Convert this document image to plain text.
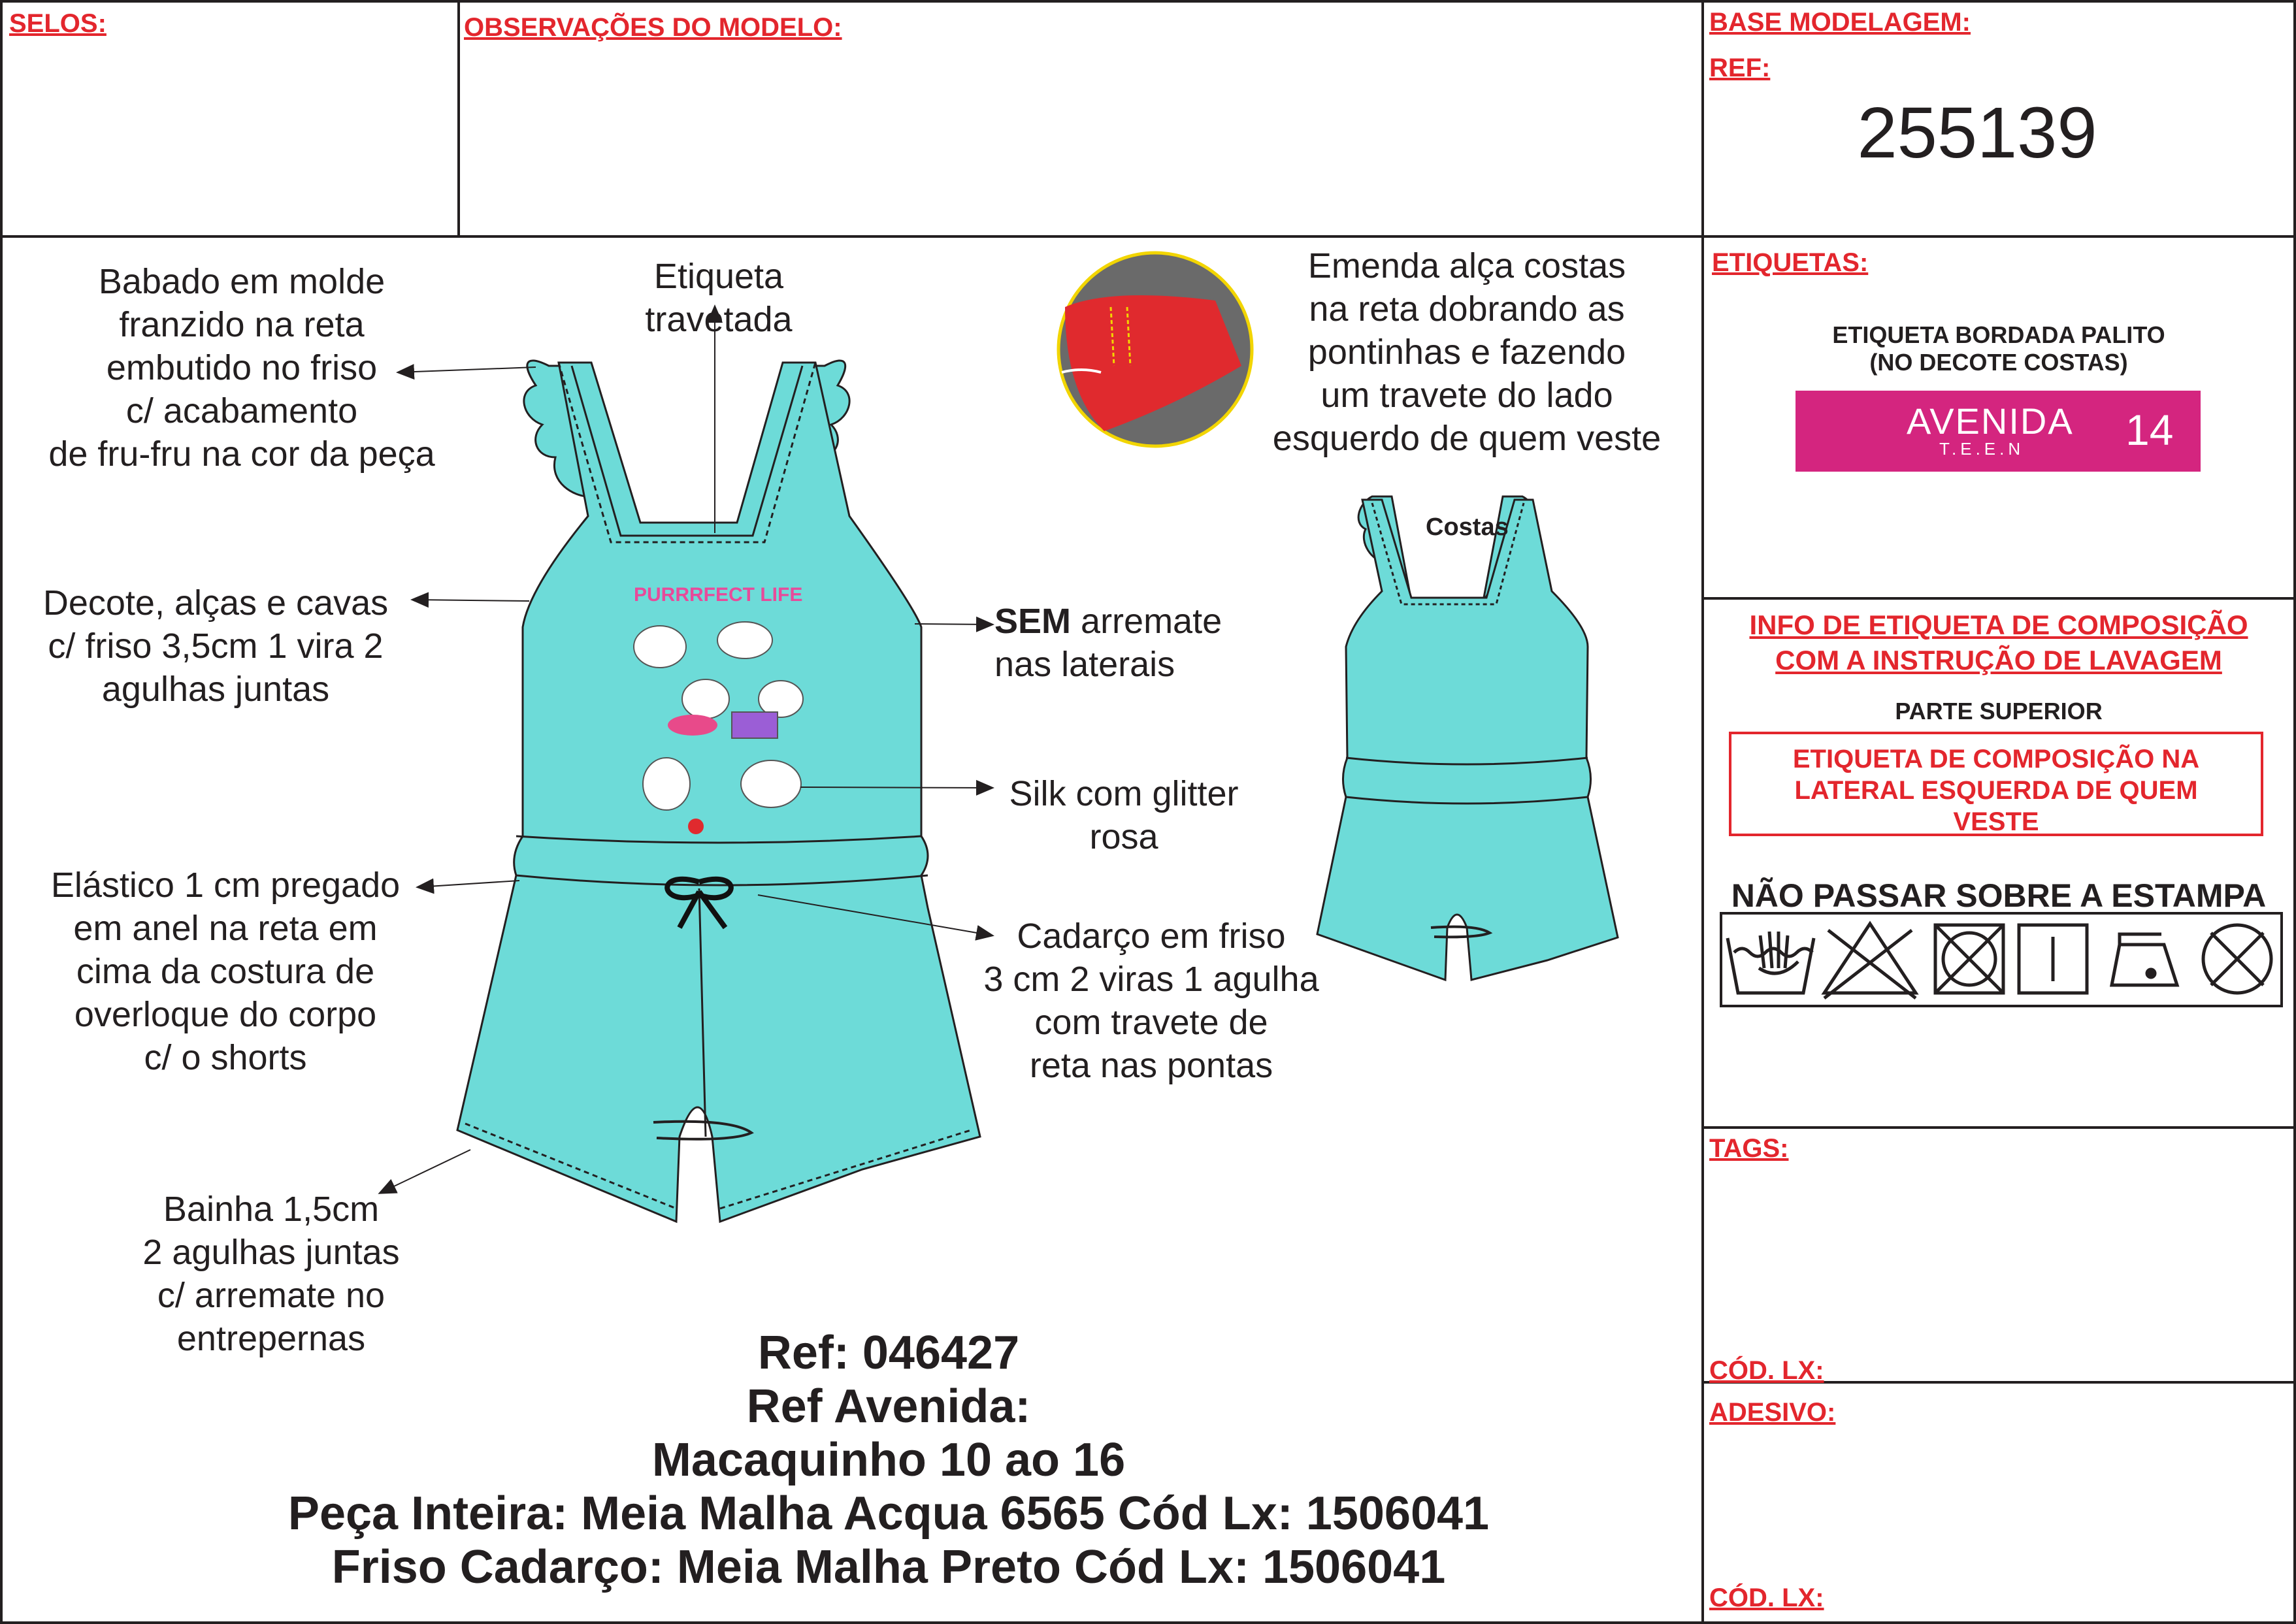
SELOS:	OBSERVAÇÕES DO MODELO:	BASE MODELAGEM:
REF:
255139
ETIQUETAS:
ETIQUETA BORDADA PALITO
(NO DECOTE COSTAS)
AVENIDA
T.E.E.N 14
INFO DE ETIQUETA DE COMPOSIÇÃO
COM A INSTRUÇÃO DE LAVAGEM
PARTE SUPERIOR
ETIQUETA DE COMPOSIÇÃO NA
LATERAL ESQUERDA DE QUEM
VESTE
NÃO PASSAR SOBRE A ESTAMPA
TAGS:
CÓD. LX:
ADESIVO:
CÓD. LX:
PURRRFECT LIFE
Babado em molde
franzido na reta
embutido no friso
c/ acabamento
de fru-fru na cor da peça
Etiqueta
travetada
Decote, alças e cavas
c/ friso 3,5cm 1 vira 2
agulhas juntas
Elástico 1 cm pregado
em anel na reta em
cima da costura de
overloque do corpo
c/ o shorts
Bainha 1,5cm
2 agulhas juntas
c/ arremate no
entrepernas
SEM arremate
nas laterais
Silk com glitter
rosa
Cadarço em friso
3 cm 2 viras 1 agulha
com travete de
reta nas pontas
Emenda alça costas
na reta dobrando as
pontinhas e fazendo
um travete do lado
esquerdo de quem veste
Costas
Ref: 046427
Ref Avenida:
Macaquinho 10 ao 16
Peça Inteira: Meia Malha Acqua 6565 Cód Lx: 1506041
Friso Cadarço: Meia Malha Preto Cód Lx: 1506041
